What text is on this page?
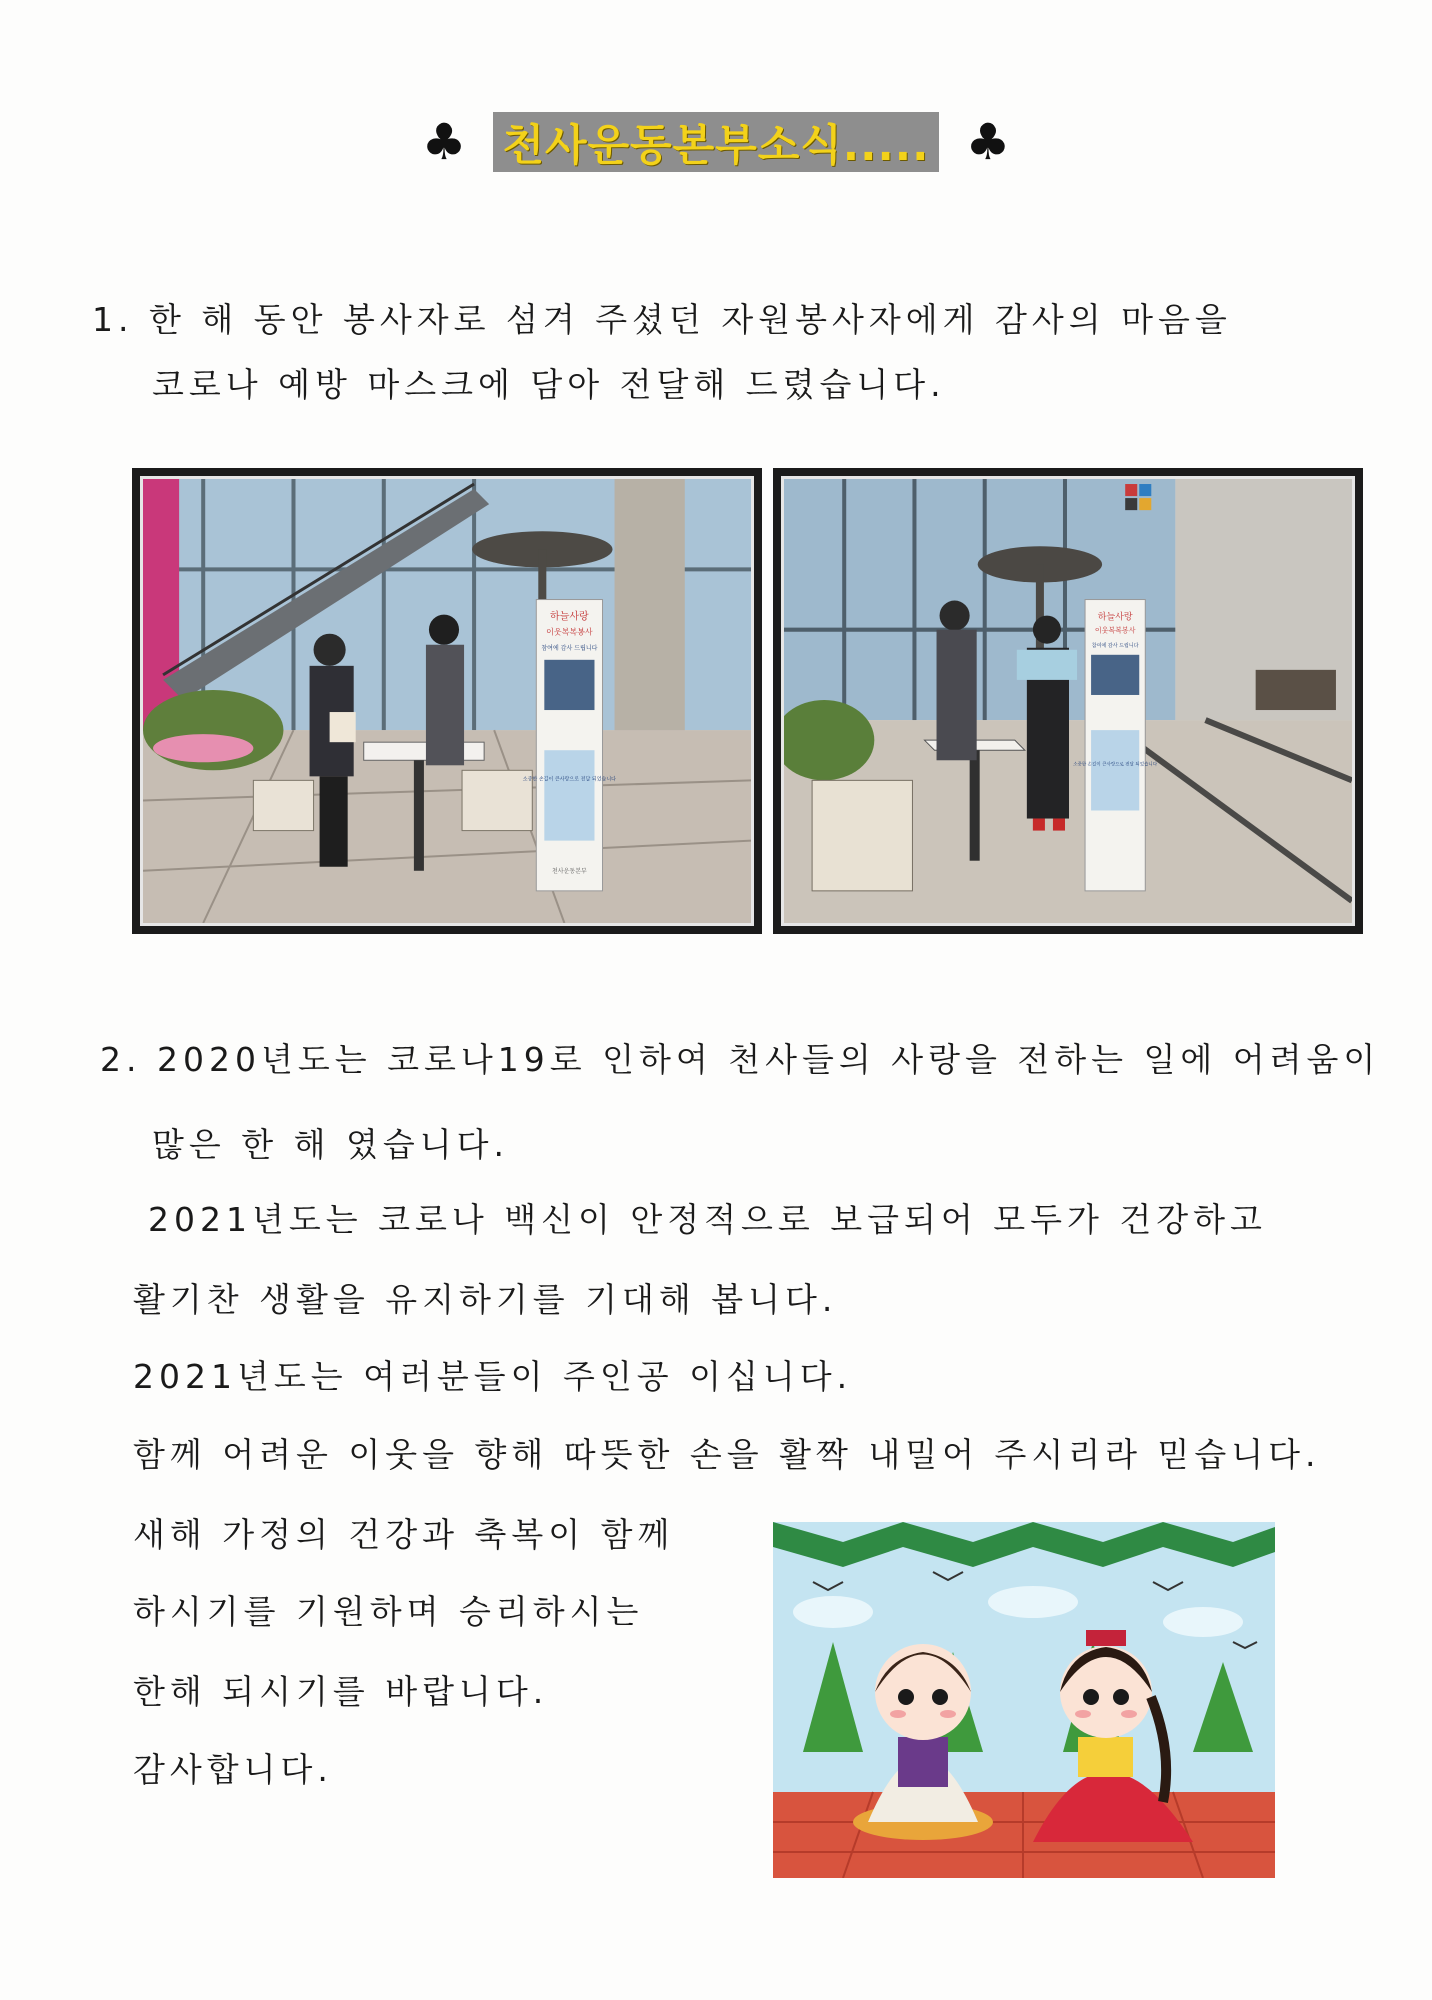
♣ 천사운동본부소식..... ♣
1. 한 해 동안 봉사자로 섬겨 주셨던 자원봉사자에게 감사의 마음을
코로나 예방 마스크에 담아 전달해 드렸습니다.
하늘사랑
이웃복복봉사
참여에 감사 드립니다
소중한 손길이 큰사랑으로 전달 되었습니다
천사운동본부
하늘사랑
이웃복복봉사
참여에 감사 드립니다
소중한 손길이 큰사랑으로 전달 되었습니다
2. 2020년도는 코로나19로 인하여 천사들의 사랑을 전하는 일에 어려움이
많은 한 해 였습니다.
2021년도는 코로나 백신이 안정적으로 보급되어 모두가 건강하고
활기찬 생활을 유지하기를 기대해 봅니다.
2021년도는 여러분들이 주인공 이십니다.
함께 어려운 이웃을 향해 따뜻한 손을 활짝 내밀어 주시리라 믿습니다.
새해 가정의 건강과 축복이 함께
하시기를 기원하며 승리하시는
한해 되시기를 바랍니다.
감사합니다.
